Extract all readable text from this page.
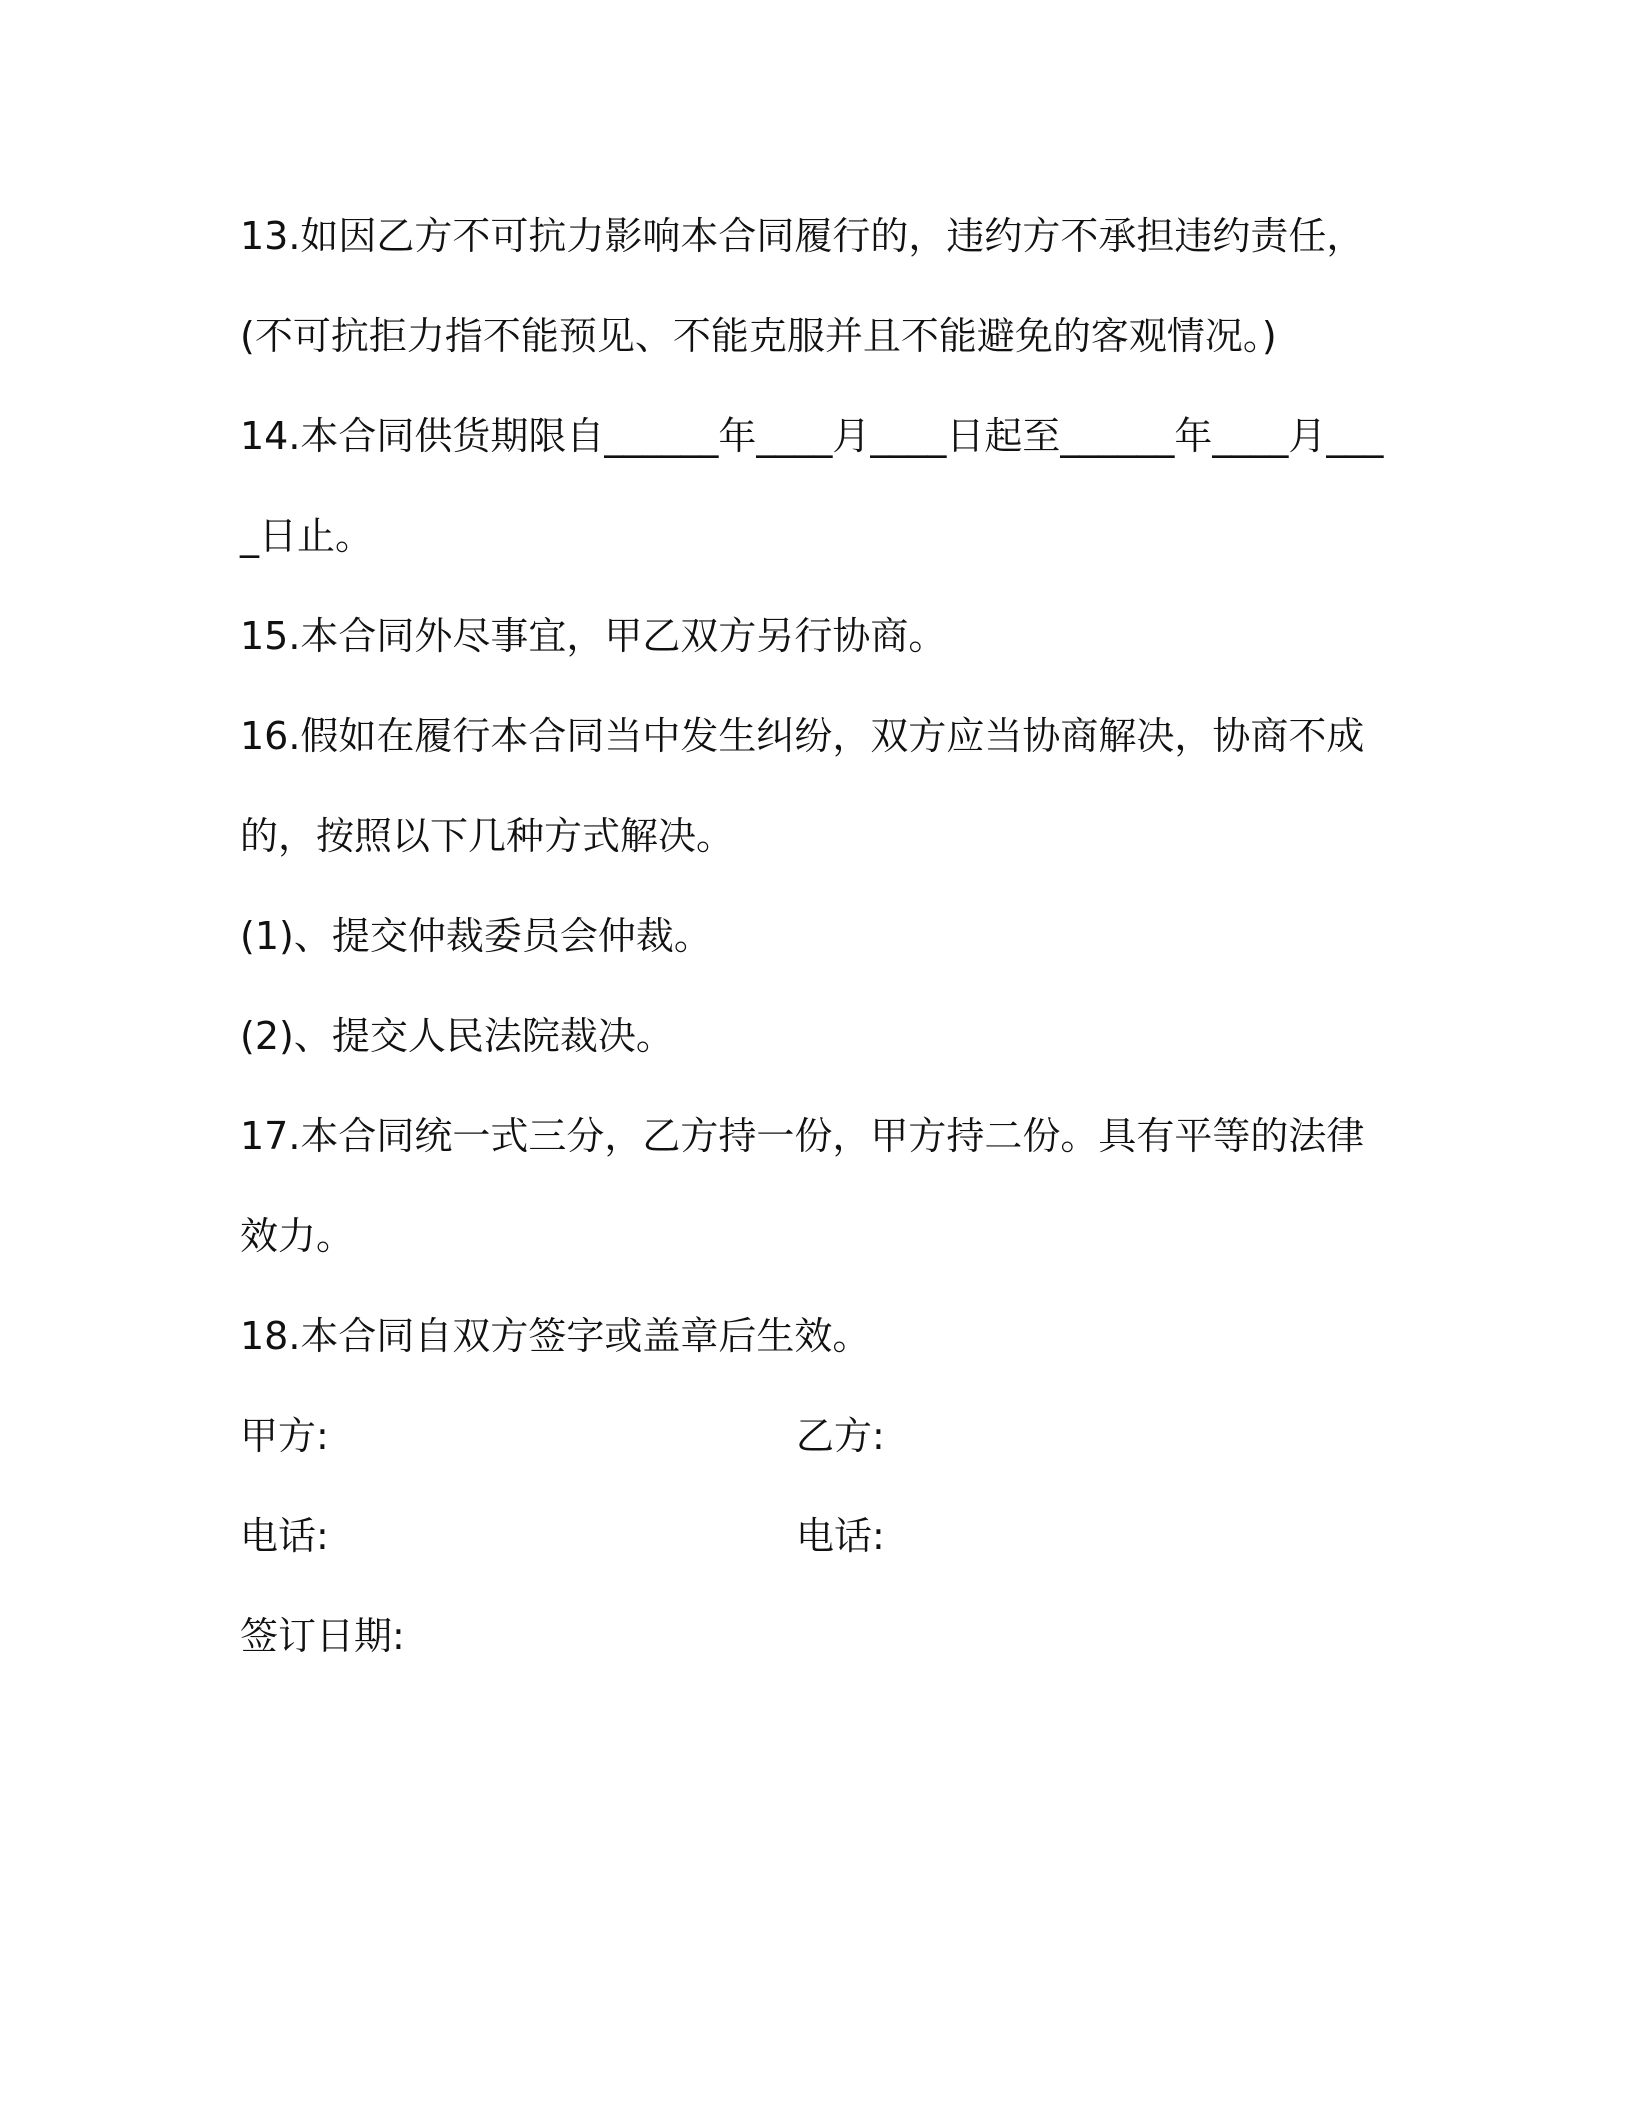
13.如因乙方不可抗力影响本合同履行的，违约方不承担违约责任，(不可抗拒力指不能预见、不能克服并且不能避免的客观情况。)

14.本合同供货期限自______年____月____日起至______年____月____日止。

15.本合同外尽事宜，甲乙双方另行协商。

16.假如在履行本合同当中发生纠纷，双方应当协商解决，协商不成的，按照以下几种方式解决。

(1)、提交仲裁委员会仲裁。

(2)、提交人民法院裁决。

17.本合同统一式三分，乙方持一份，甲方持二份。具有平等的法律效力。

18.本合同自双方签字或盖章后生效。

甲方:	乙方:
电话:	电话:
签订日期:
